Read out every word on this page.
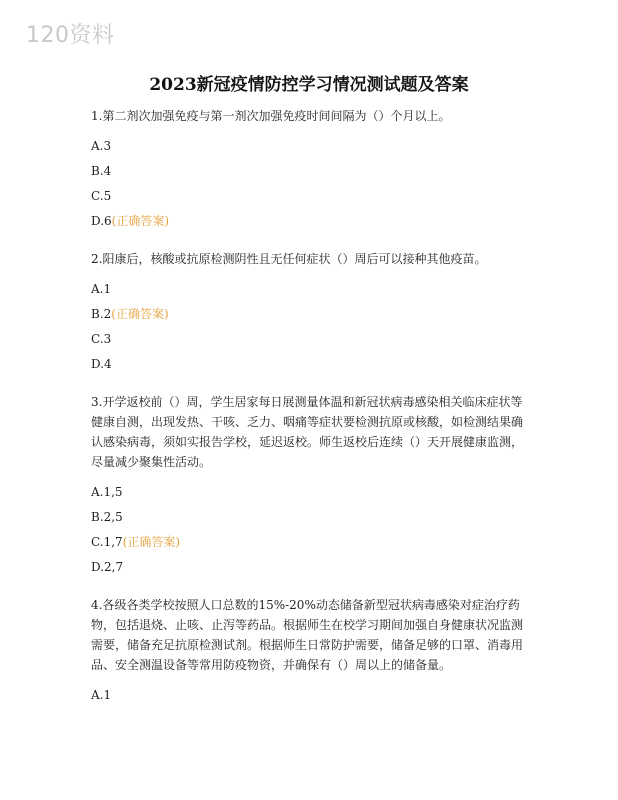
120资料
2023新冠疫情防控学习情况测试题及答案
1.第二剂次加强免疫与第一剂次加强免疫时间间隔为（）个月以上。
A.3
B.4
C.5
D.6(正确答案)
2.阳康后，核酸或抗原检测阴性且无任何症状（）周后可以接种其他疫苗。
A.1
B.2(正确答案)
C.3
D.4
3.开学返校前（）周，学生居家每日展测量体温和新冠状病毒感染相关临床症状等健康自测，出现发热、干咳、乏力、咽痛等症状要检测抗原或核酸，如检测结果确认感染病毒，须如实报告学校，延迟返校。师生返校后连续（）天开展健康监测，尽量减少聚集性活动。
A.1,5
B.2,5
C.1,7(正确答案)
D.2,7
4.各级各类学校按照人口总数的15%-20%动态储备新型冠状病毒感染对症治疗药物，包括退烧、止咳、止泻等药品。根据师生在校学习期间加强自身健康状况监测需要，储备充足抗原检测试剂。根据师生日常防护需要，储备足够的口罩、消毒用品、安全测温设备等常用防疫物资，并确保有（）周以上的储备量。
A.1
